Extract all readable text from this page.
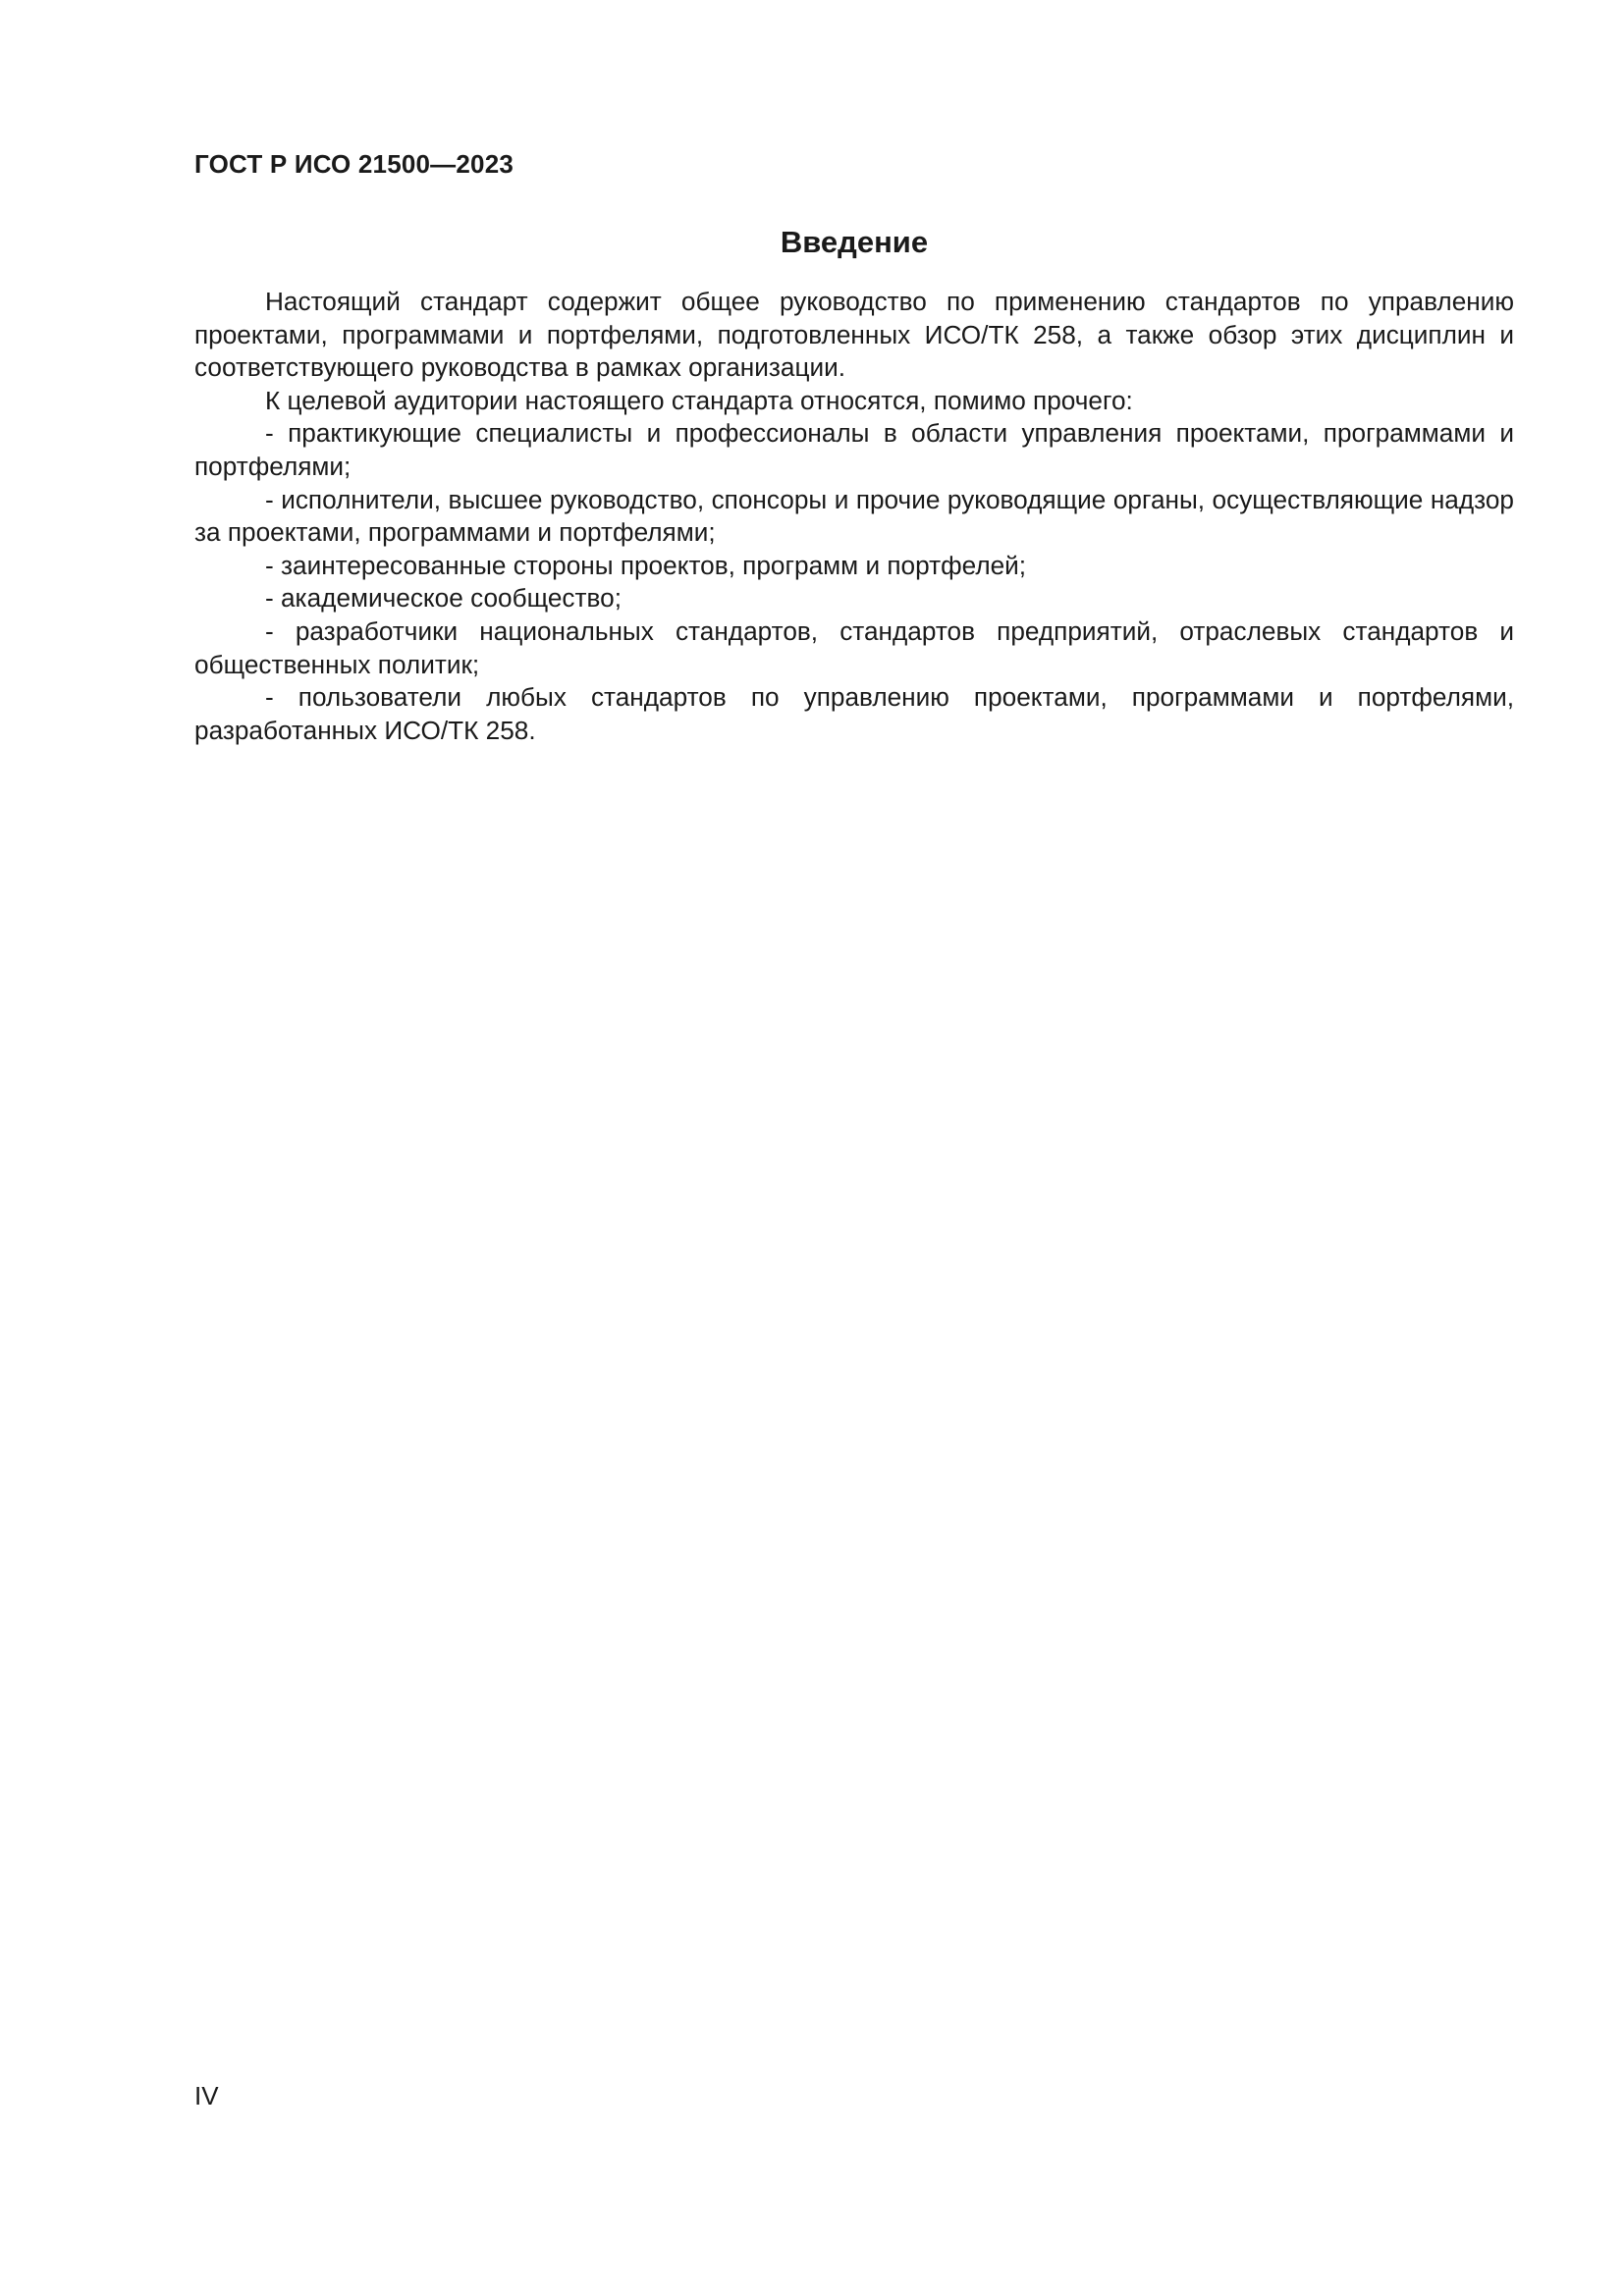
ГОСТ Р ИСО 21500—2023
Введение

Настоящий стандарт содержит общее руководство по применению стандартов по управлению проектами, программами и портфелями, подготовленных ИСО/ТК 258, а также обзор этих дисциплин и соответствующего руководства в рамках организации.

К целевой аудитории настоящего стандарта относятся, помимо прочего:

- практикующие специалисты и профессионалы в области управления проектами, программами и портфелями;

- исполнители, высшее руководство, спонсоры и прочие руководящие органы, осуществляющие надзор за проектами, программами и портфелями;

- заинтересованные стороны проектов, программ и портфелей;

- академическое сообщество;

- разработчики национальных стандартов, стандартов предприятий, отраслевых стандартов и общественных политик;

- пользователи любых стандартов по управлению проектами, программами и портфелями, разработанных ИСО/ТК 258.

IV
